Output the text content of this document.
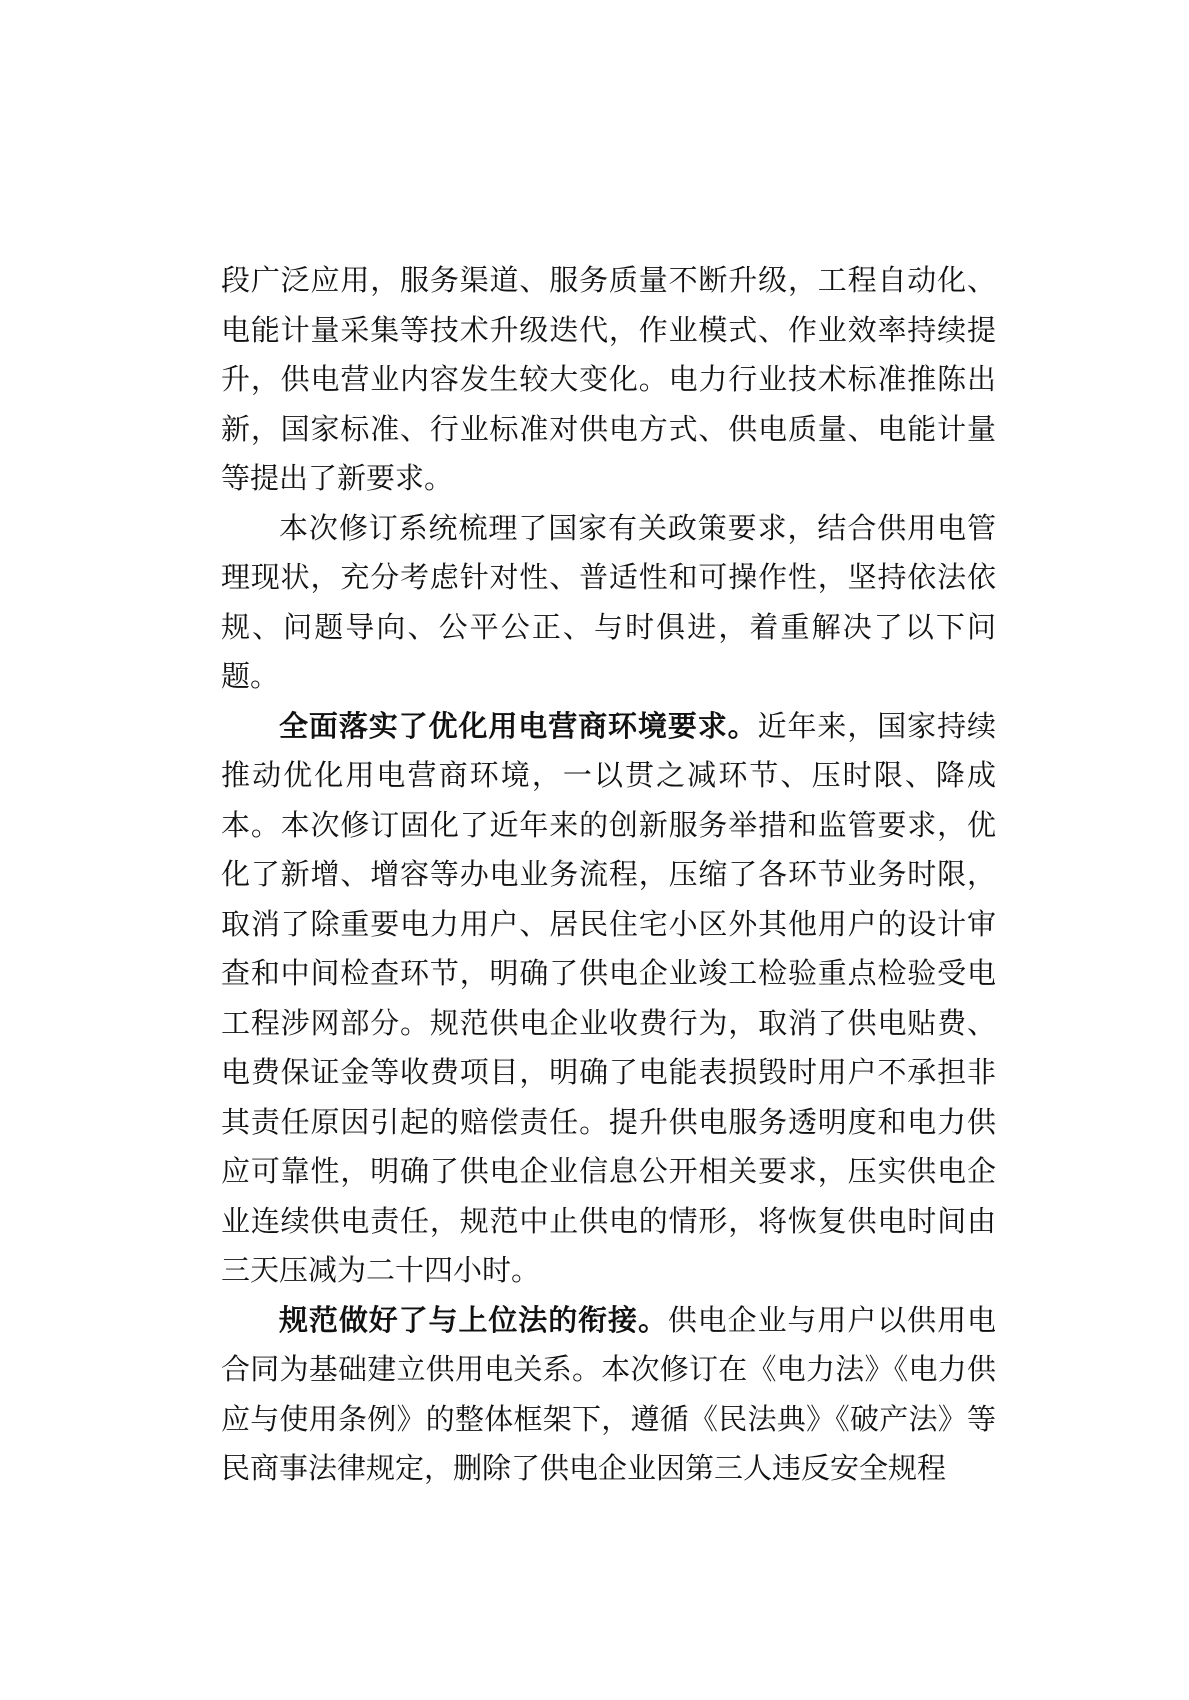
段广泛应用，服务渠道、服务质量不断升级，工程自动化、电能计量采集等技术升级迭代，作业模式、作业效率持续提升，供电营业内容发生较大变化。电力行业技术标准推陈出新，国家标准、行业标准对供电方式、供电质量、电能计量等提出了新要求。

本次修订系统梳理了国家有关政策要求，结合供用电管理现状，充分考虑针对性、普适性和可操作性，坚持依法依规、问题导向、公平公正、与时俱进，着重解决了以下问题。

全面落实了优化用电营商环境要求。近年来，国家持续推动优化用电营商环境，一以贯之减环节、压时限、降成本。本次修订固化了近年来的创新服务举措和监管要求，优化了新增、增容等办电业务流程，压缩了各环节业务时限，取消了除重要电力用户、居民住宅小区外其他用户的设计审查和中间检查环节，明确了供电企业竣工检验重点检验受电工程涉网部分。规范供电企业收费行为，取消了供电贴费、电费保证金等收费项目，明确了电能表损毁时用户不承担非其责任原因引起的赔偿责任。提升供电服务透明度和电力供应可靠性，明确了供电企业信息公开相关要求，压实供电企业连续供电责任，规范中止供电的情形，将恢复供电时间由三天压减为二十四小时。

规范做好了与上位法的衔接。供电企业与用户以供用电合同为基础建立供用电关系。本次修订在《电力法》《电力供应与使用条例》的整体框架下，遵循《民法典》《破产法》等民商事法律规定，删除了供电企业因第三人违反安全规程
